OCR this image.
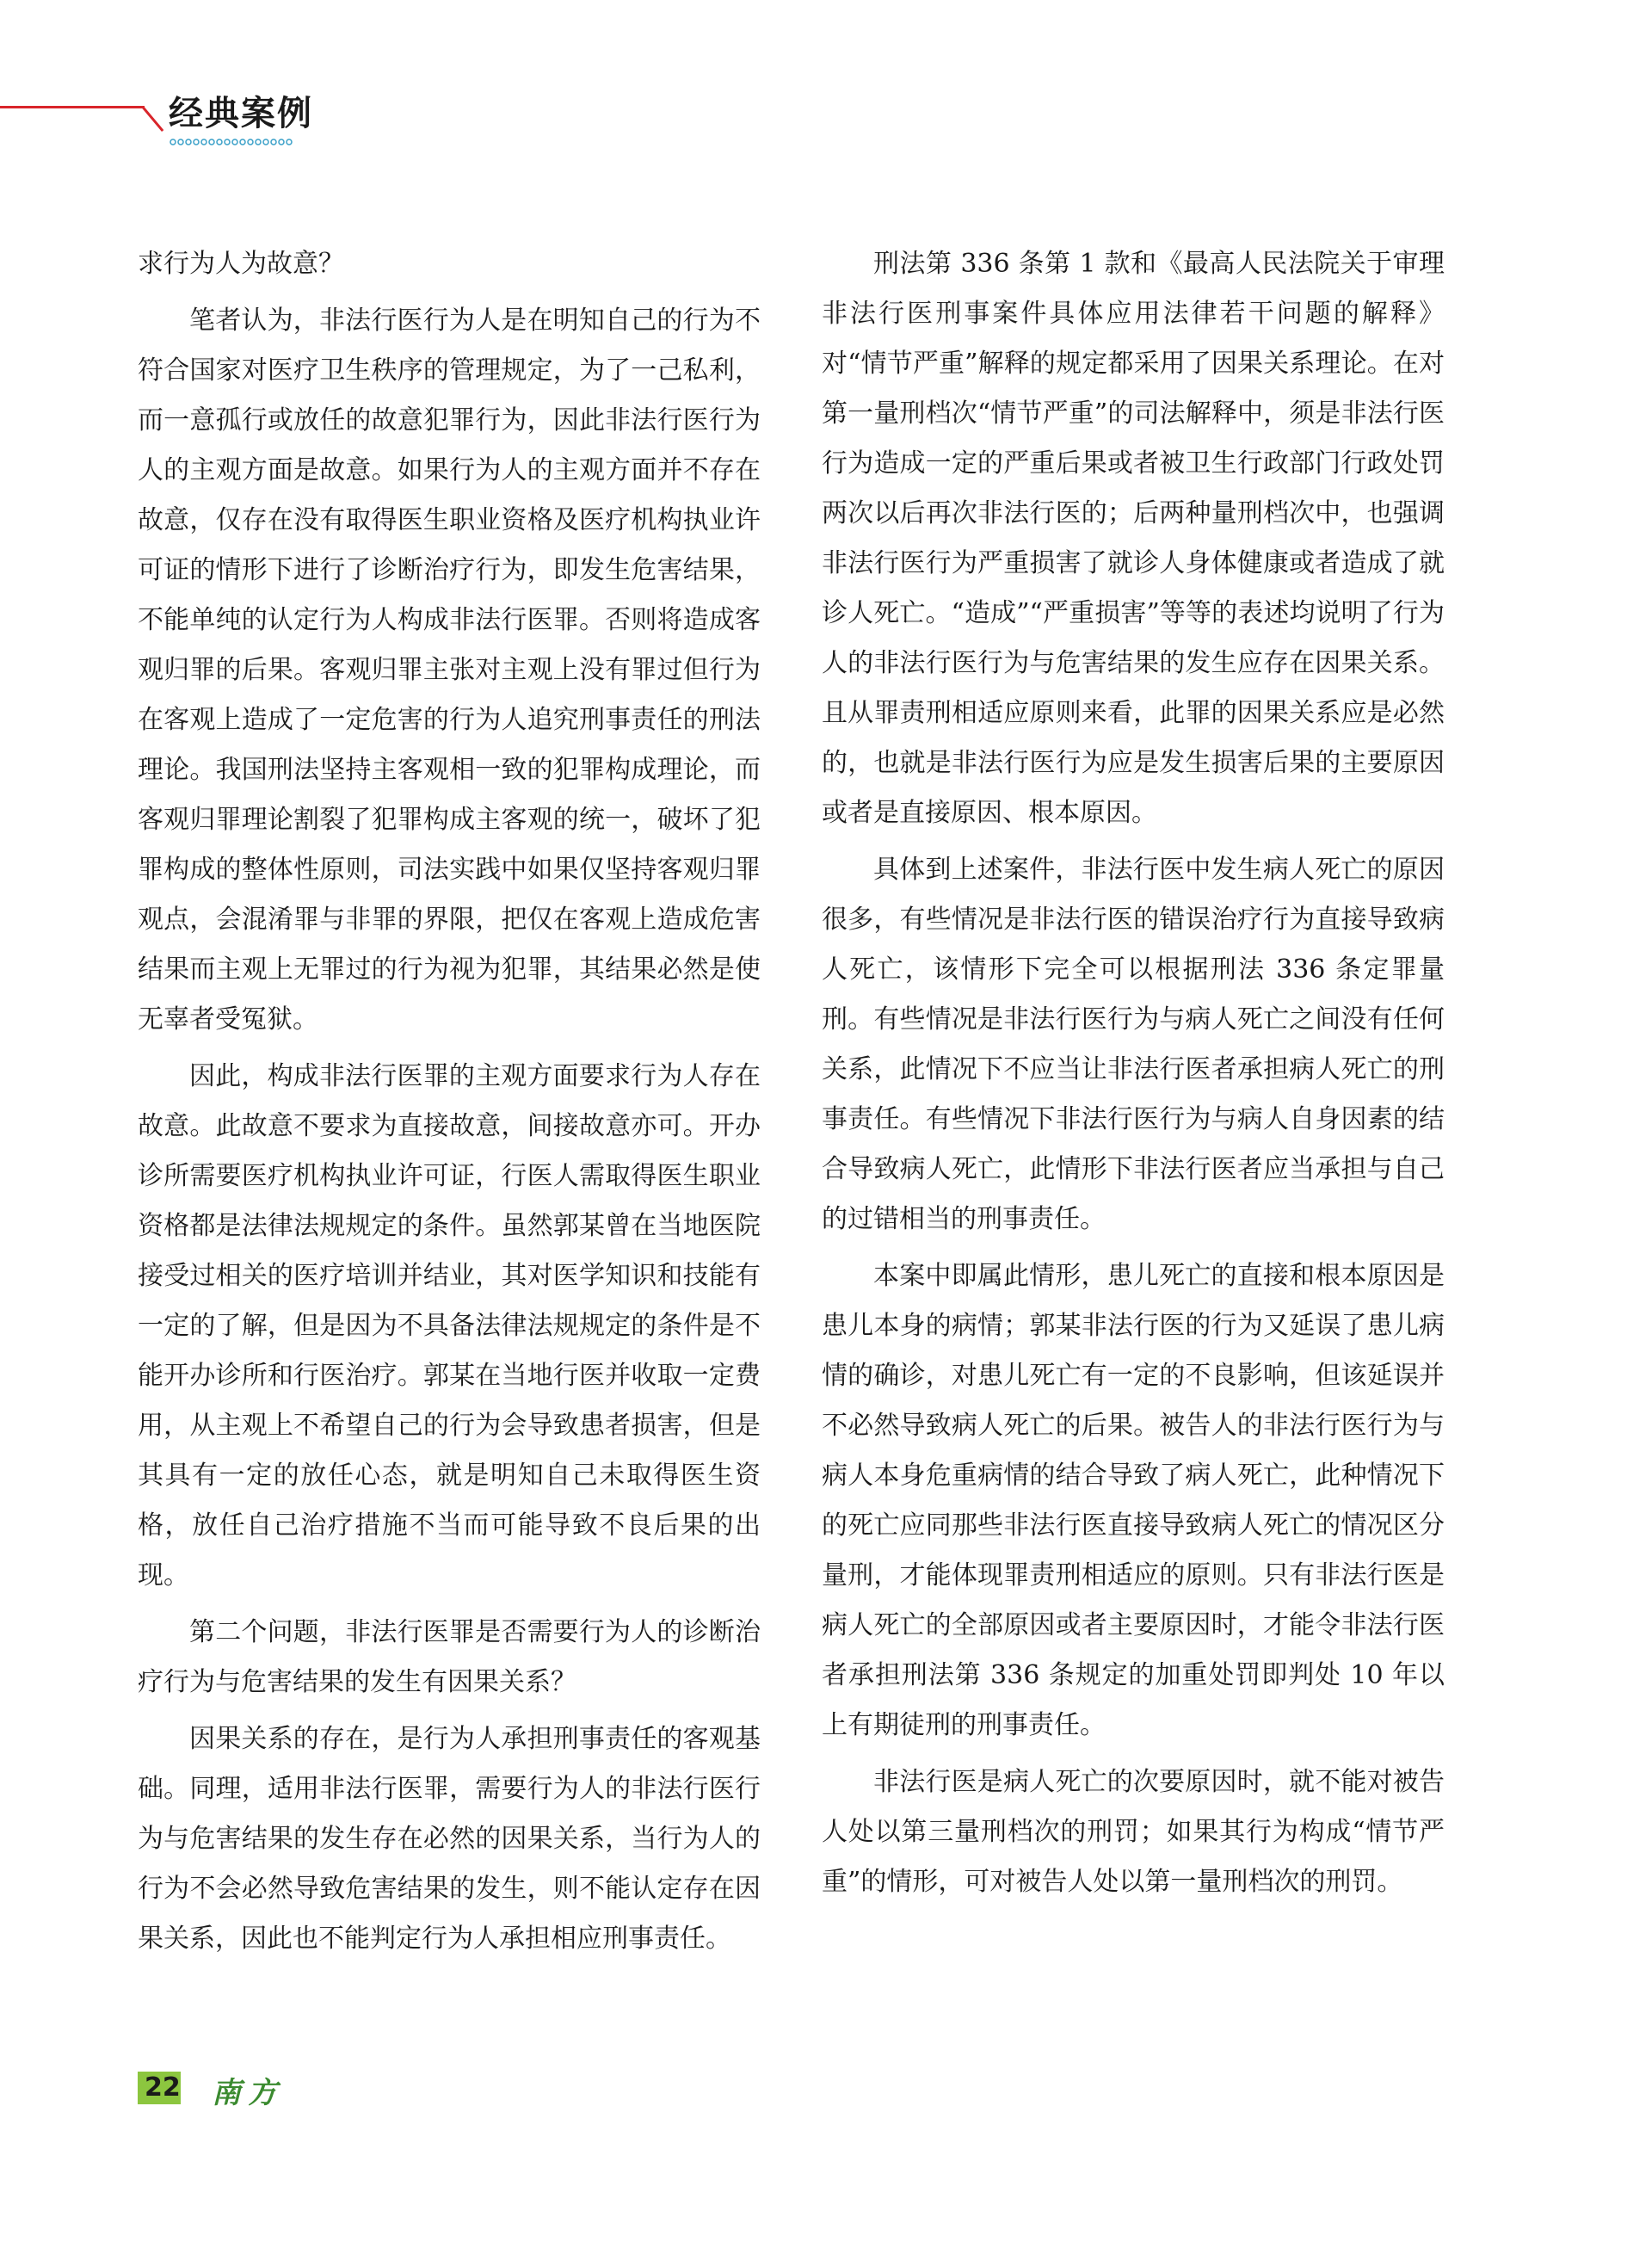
经典案例

求行为人为故意？

笔者认为，非法行医行为人是在明知自己的行为不符合国家对医疗卫生秩序的管理规定，为了一己私利，而一意孤行或放任的故意犯罪行为，因此非法行医行为人的主观方面是故意。如果行为人的主观方面并不存在故意，仅存在没有取得医生职业资格及医疗机构执业许可证的情形下进行了诊断治疗行为，即发生危害结果，不能单纯的认定行为人构成非法行医罪。否则将造成客观归罪的后果。客观归罪主张对主观上没有罪过但行为在客观上造成了一定危害的行为人追究刑事责任的刑法理论。我国刑法坚持主客观相一致的犯罪构成理论，而客观归罪理论割裂了犯罪构成主客观的统一，破坏了犯罪构成的整体性原则，司法实践中如果仅坚持客观归罪观点，会混淆罪与非罪的界限，把仅在客观上造成危害结果而主观上无罪过的行为视为犯罪，其结果必然是使无辜者受冤狱。

因此，构成非法行医罪的主观方面要求行为人存在故意。此故意不要求为直接故意，间接故意亦可。开办诊所需要医疗机构执业许可证，行医人需取得医生职业资格都是法律法规规定的条件。虽然郭某曾在当地医院接受过相关的医疗培训并结业，其对医学知识和技能有一定的了解，但是因为不具备法律法规规定的条件是不能开办诊所和行医治疗。郭某在当地行医并收取一定费用，从主观上不希望自己的行为会导致患者损害，但是其具有一定的放任心态，就是明知自己未取得医生资格，放任自己治疗措施不当而可能导致不良后果的出现。

第二个问题，非法行医罪是否需要行为人的诊断治疗行为与危害结果的发生有因果关系？

因果关系的存在，是行为人承担刑事责任的客观基础。同理，适用非法行医罪，需要行为人的非法行医行为与危害结果的发生存在必然的因果关系，当行为人的行为不会必然导致危害结果的发生，则不能认定存在因果关系，因此也不能判定行为人承担相应刑事责任。

刑法第 336 条第 1 款和《最高人民法院关于审理非法行医刑事案件具体应用法律若干问题的解释》对“情节严重”解释的规定都采用了因果关系理论。在对第一量刑档次“情节严重”的司法解释中，须是非法行医行为造成一定的严重后果或者被卫生行政部门行政处罚两次以后再次非法行医的；后两种量刑档次中，也强调非法行医行为严重损害了就诊人身体健康或者造成了就诊人死亡。“造成”“严重损害”等等的表述均说明了行为人的非法行医行为与危害结果的发生应存在因果关系。且从罪责刑相适应原则来看，此罪的因果关系应是必然的，也就是非法行医行为应是发生损害后果的主要原因或者是直接原因、根本原因。

具体到上述案件，非法行医中发生病人死亡的原因很多，有些情况是非法行医的错误治疗行为直接导致病人死亡，该情形下完全可以根据刑法 336 条定罪量刑。有些情况是非法行医行为与病人死亡之间没有任何关系，此情况下不应当让非法行医者承担病人死亡的刑事责任。有些情况下非法行医行为与病人自身因素的结合导致病人死亡，此情形下非法行医者应当承担与自己的过错相当的刑事责任。

本案中即属此情形，患儿死亡的直接和根本原因是患儿本身的病情；郭某非法行医的行为又延误了患儿病情的确诊，对患儿死亡有一定的不良影响，但该延误并不必然导致病人死亡的后果。被告人的非法行医行为与病人本身危重病情的结合导致了病人死亡，此种情况下的死亡应同那些非法行医直接导致病人死亡的情况区分量刑，才能体现罪责刑相适应的原则。只有非法行医是病人死亡的全部原因或者主要原因时，才能令非法行医者承担刑法第 336 条规定的加重处罚即判处 10 年以上有期徒刑的刑事责任。

非法行医是病人死亡的次要原因时，就不能对被告人处以第三量刑档次的刑罚；如果其行为构成“情节严重”的情形，可对被告人处以第一量刑档次的刑罚。

22	南方
